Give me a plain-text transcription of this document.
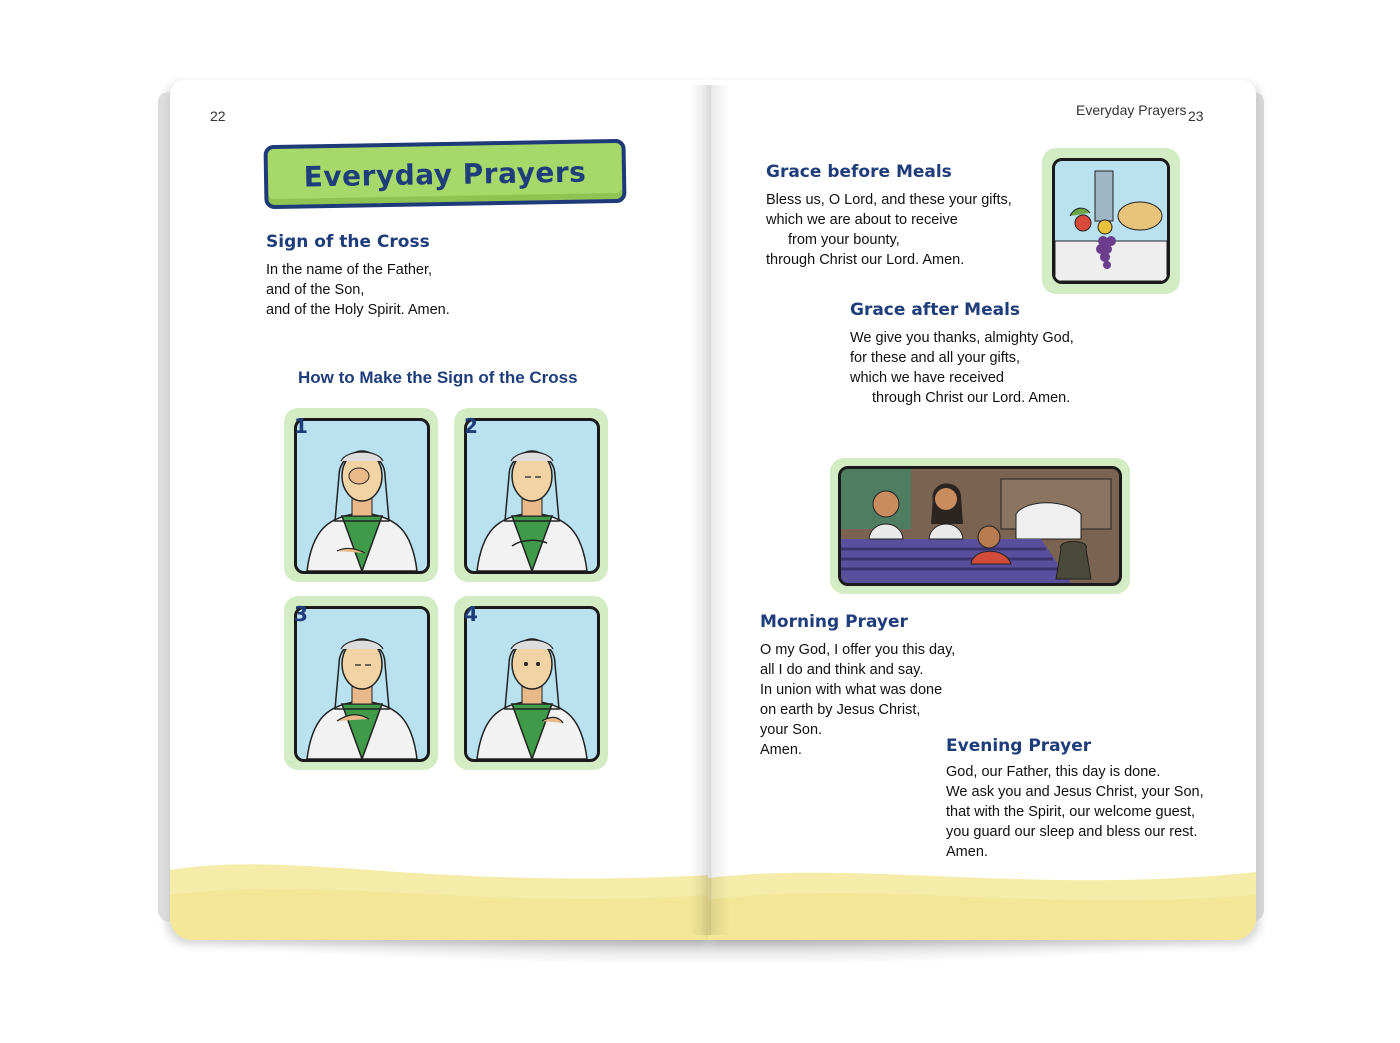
22
Everyday Prayers
Sign of the Cross
In the name of the Father,
and of the Son,
and of the Holy Spirit. Amen.
How to Make the Sign of the Cross
1	2
3	4
Everyday Prayers 23
Grace before Meals
Bless us, O Lord, and these your gifts,
which we are about to receive
from your bounty,
through Christ our Lord. Amen.
Grace after Meals
We give you thanks, almighty God,
for these and all your gifts,
which we have received
through Christ our Lord. Amen.
Morning Prayer
O my God, I offer you this day,
all I do and think and say.
In union with what was done
on earth by Jesus Christ,
your Son.
Amen.	Evening Prayer
God, our Father, this day is done.
We ask you and Jesus Christ, your Son,
that with the Spirit, our welcome guest,
you guard our sleep and bless our rest.
Amen.
